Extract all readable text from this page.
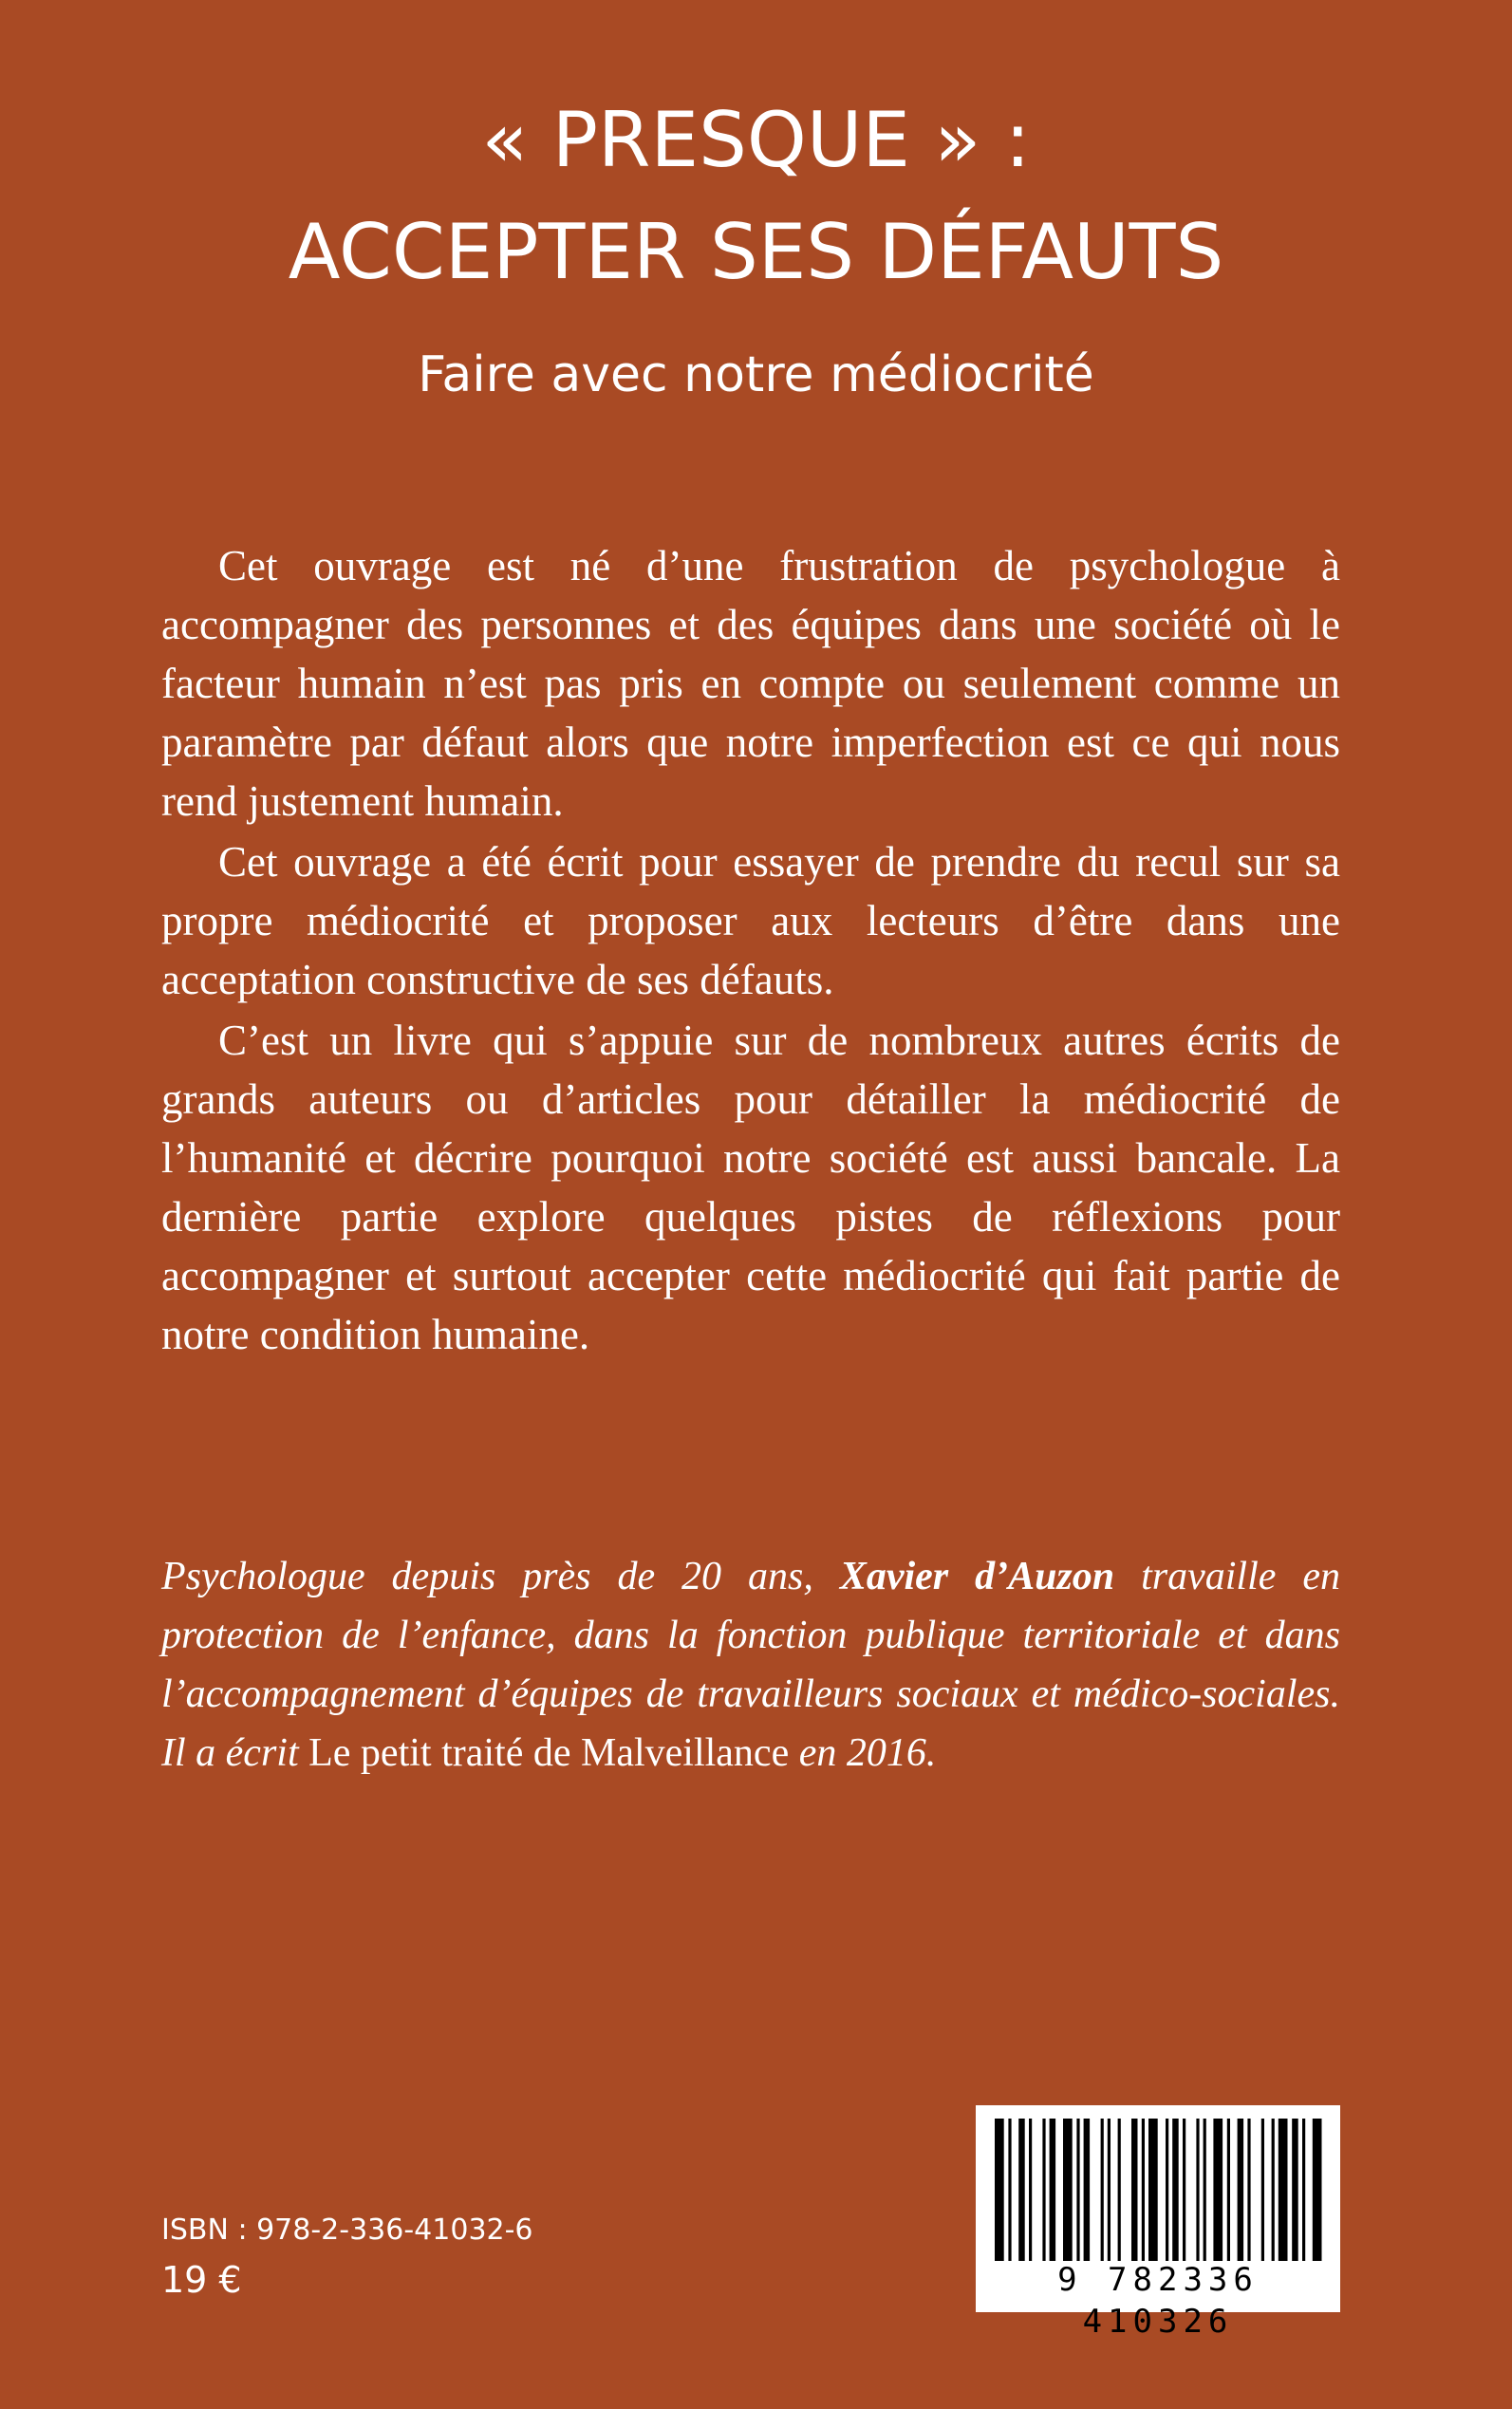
« PRESQUE » :
ACCEPTER SES DÉFAUTS
Faire avec notre médiocrité

Cet ouvrage est né d’une frustration de psychologue à accompagner des personnes et des équipes dans une société où le facteur humain n’est pas pris en compte ou seulement comme un paramètre par défaut alors que notre imperfection est ce qui nous rend justement humain.

Cet ouvrage a été écrit pour essayer de prendre du recul sur sa propre médiocrité et proposer aux lecteurs d’être dans une acceptation constructive de ses défauts.

C’est un livre qui s’appuie sur de nombreux autres écrits de grands auteurs ou d’articles pour détailler la médiocrité de l’humanité et décrire pourquoi notre société est aussi bancale. La dernière partie explore quelques pistes de réflexions pour accompagner et surtout accepter cette médiocrité qui fait partie de notre condition humaine.

Psychologue depuis près de 20 ans, Xavier d’Auzon travaille en protection de l’enfance, dans la fonction publique territoriale et dans l’accompagnement d’équipes de travailleurs sociaux et médico-sociales. Il a écrit Le petit traité de Malveillance en 2016.
ISBN : 978-2-336-41032-6
19 €	9 782336 410326
